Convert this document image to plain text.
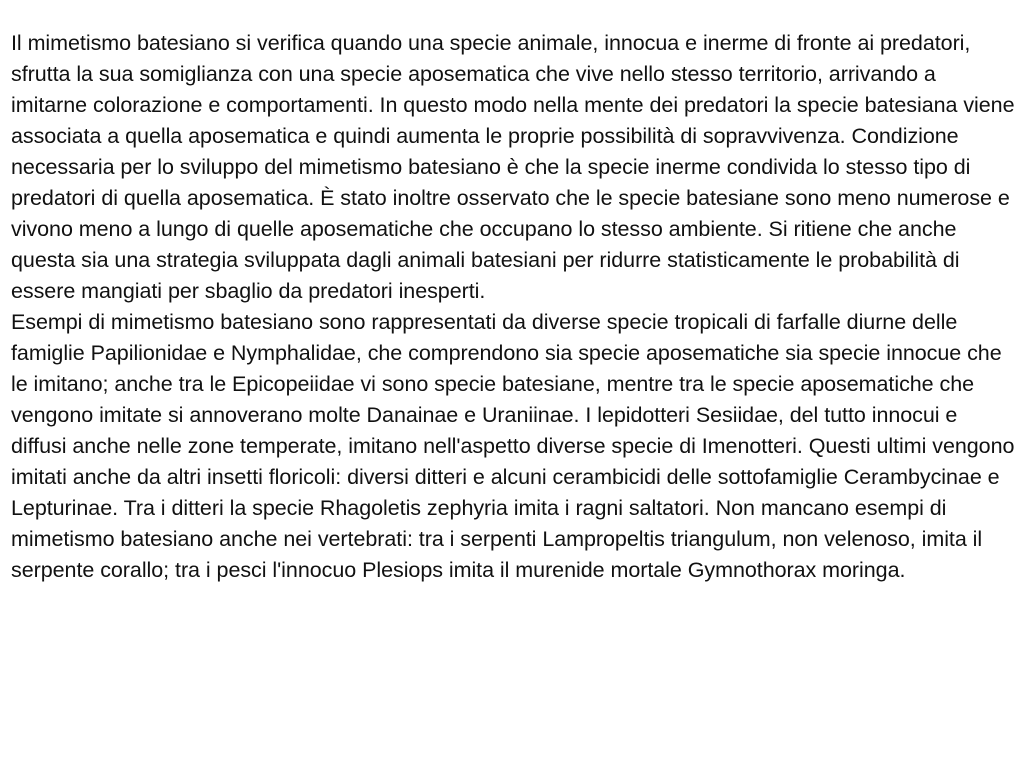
Il mimetismo batesiano si verifica quando una specie animale, innocua e inerme di fronte ai predatori, sfrutta la sua somiglianza con una specie aposematica che vive nello stesso territorio, arrivando a imitarne colorazione e comportamenti. In questo modo nella mente dei predatori la specie batesiana viene associata a quella aposematica e quindi aumenta le proprie possibilità di sopravvivenza. Condizione necessaria per lo sviluppo del mimetismo batesiano è che la specie inerme condivida lo stesso tipo di predatori di quella aposematica. È stato inoltre osservato che le specie batesiane sono meno numerose e vivono meno a lungo di quelle aposematiche che occupano lo stesso ambiente. Si ritiene che anche questa sia una strategia sviluppata dagli animali batesiani per ridurre statisticamente le probabilità di essere mangiati per sbaglio da predatori inesperti.

Esempi di mimetismo batesiano sono rappresentati da diverse specie tropicali di farfalle diurne delle famiglie Papilionidae e Nymphalidae, che comprendono sia specie aposematiche sia specie innocue che le imitano; anche tra le Epicopeiidae vi sono specie batesiane, mentre tra le specie aposematiche che vengono imitate si annoverano molte Danainae e Uraniinae. I lepidotteri Sesiidae, del tutto innocui e diffusi anche nelle zone temperate, imitano nell'aspetto diverse specie di Imenotteri. Questi ultimi vengono imitati anche da altri insetti floricoli: diversi ditteri e alcuni cerambicidi delle sottofamiglie Cerambycinae e Lepturinae. Tra i ditteri la specie Rhagoletis zephyria imita i ragni saltatori. Non mancano esempi di mimetismo batesiano anche nei vertebrati: tra i serpenti Lampropeltis triangulum, non velenoso, imita il serpente corallo; tra i pesci l'innocuo Plesiops imita il murenide mortale Gymnothorax moringa.
